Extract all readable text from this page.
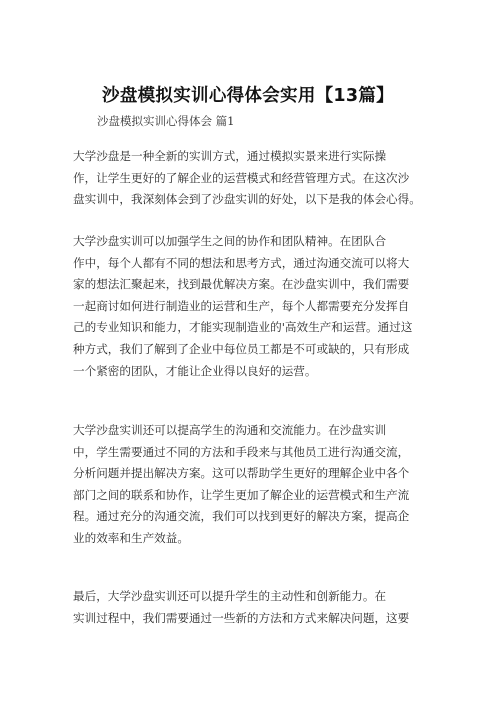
沙盘模拟实训心得体会实用【13篇】
沙盘模拟实训心得体会 篇1
大学沙盘是一种全新的实训方式，通过模拟实景来进行实际操
作，让学生更好的了解企业的运营模式和经营管理方式。在这次沙
盘实训中，我深刻体会到了沙盘实训的好处，以下是我的体会心得。
大学沙盘实训可以加强学生之间的协作和团队精神。在团队合
作中，每个人都有不同的想法和思考方式，通过沟通交流可以将大
家的想法汇聚起来，找到最优解决方案。在沙盘实训中，我们需要
一起商讨如何进行制造业的运营和生产，每个人都需要充分发挥自
己的专业知识和能力，才能实现制造业的'高效生产和运营。通过这
种方式，我们了解到了企业中每位员工都是不可或缺的，只有形成
一个紧密的团队，才能让企业得以良好的运营。
大学沙盘实训还可以提高学生的沟通和交流能力。在沙盘实训
中，学生需要通过不同的方法和手段来与其他员工进行沟通交流，
分析问题并提出解决方案。这可以帮助学生更好的理解企业中各个
部门之间的联系和协作，让学生更加了解企业的运营模式和生产流
程。通过充分的沟通交流，我们可以找到更好的解决方案，提高企
业的效率和生产效益。
最后，大学沙盘实训还可以提升学生的主动性和创新能力。在
实训过程中，我们需要通过一些新的方法和方式来解决问题，这要
